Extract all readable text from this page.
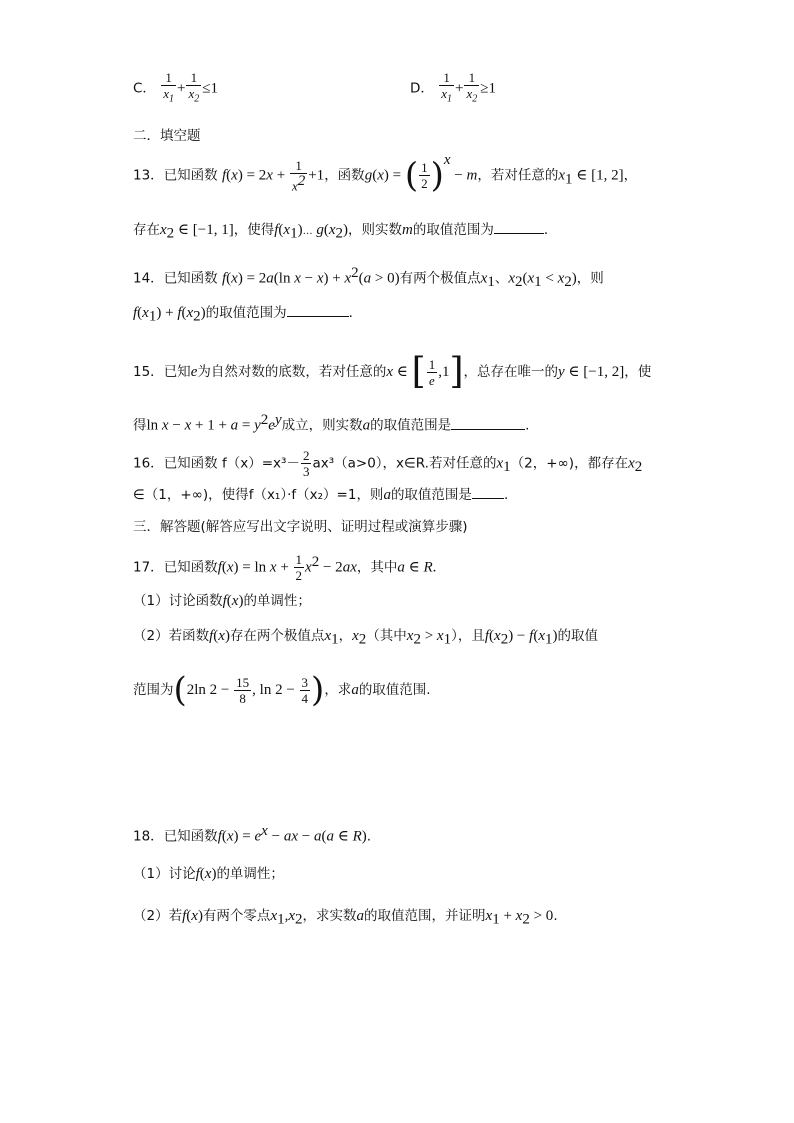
C． $\frac{1}{x_1} + \frac{1}{x_2} \le 1$	D． $\frac{1}{x_1} + \frac{1}{x_2} \ge 1$
二．填空题
13．已知函数 $f(x) = 2x + \frac{1}{x^2} +1$，函数g(x) = ( $\frac{1}{2} )^x - m$，若对任意的$x_1$ ∈ [1, 2]，
存在$x_2$ ∈ [−1, 1]，使得$f(x_1)\dots$ $g(x_2)$，则实数m的取值范围为	．
14．已知函数 f(x) = 2a(ln $x - x) + x^2(a > 0)$有两个极值点$x_1$、$x_2(x_1 < x_2)$，则
$f(x_1) + f(x_2)$的取值范围为	.
15．已知e为自然对数的底数，若对任意的x ∈ [ $\frac{1}{e} ,1$]，总存在唯一的y ∈ [−1, 2]，使
得$\ln x - x + 1 + a = y^2e^y$成立，则实数a的取值范围是	.
16．已知函数 $f(x)=x^3- \frac{2}{3} ax^3(a>0)$，x∈R.若对任意的$x_1(2$，+∞)，都存在$x_2$
∈（1，+∞)，使得f（x₁）·f（x₂）=1，则a的取值范围是 .
三．解答题(解答应写出文字说明、证明过程或演算步骤)
17．已知函数$f(x) = \ln x + \frac{1}{2} x^2 - 2ax$，其中a ∈ R.
（1）讨论函数f(x)的单调性；
（2）若函数f(x)存在两个极值点$x_1$，$x_2$（其中$x_2 > x_1$），且$f(x_2) - f(x_1)$的取值
范围为(2ln $2 - \frac{15}{8}$ , $\ln 2 - \frac{3}{4}$ )，求a的取值范围.
18．已知函数$f(x) = e^x$ − ax − a(a ∈ R).
（1）讨论f(x)的单调性；
（2）若f(x)有两个零点$x_1,x_2$，求实数a的取值范围，并证明$x_1 + x_2 > 0$.
